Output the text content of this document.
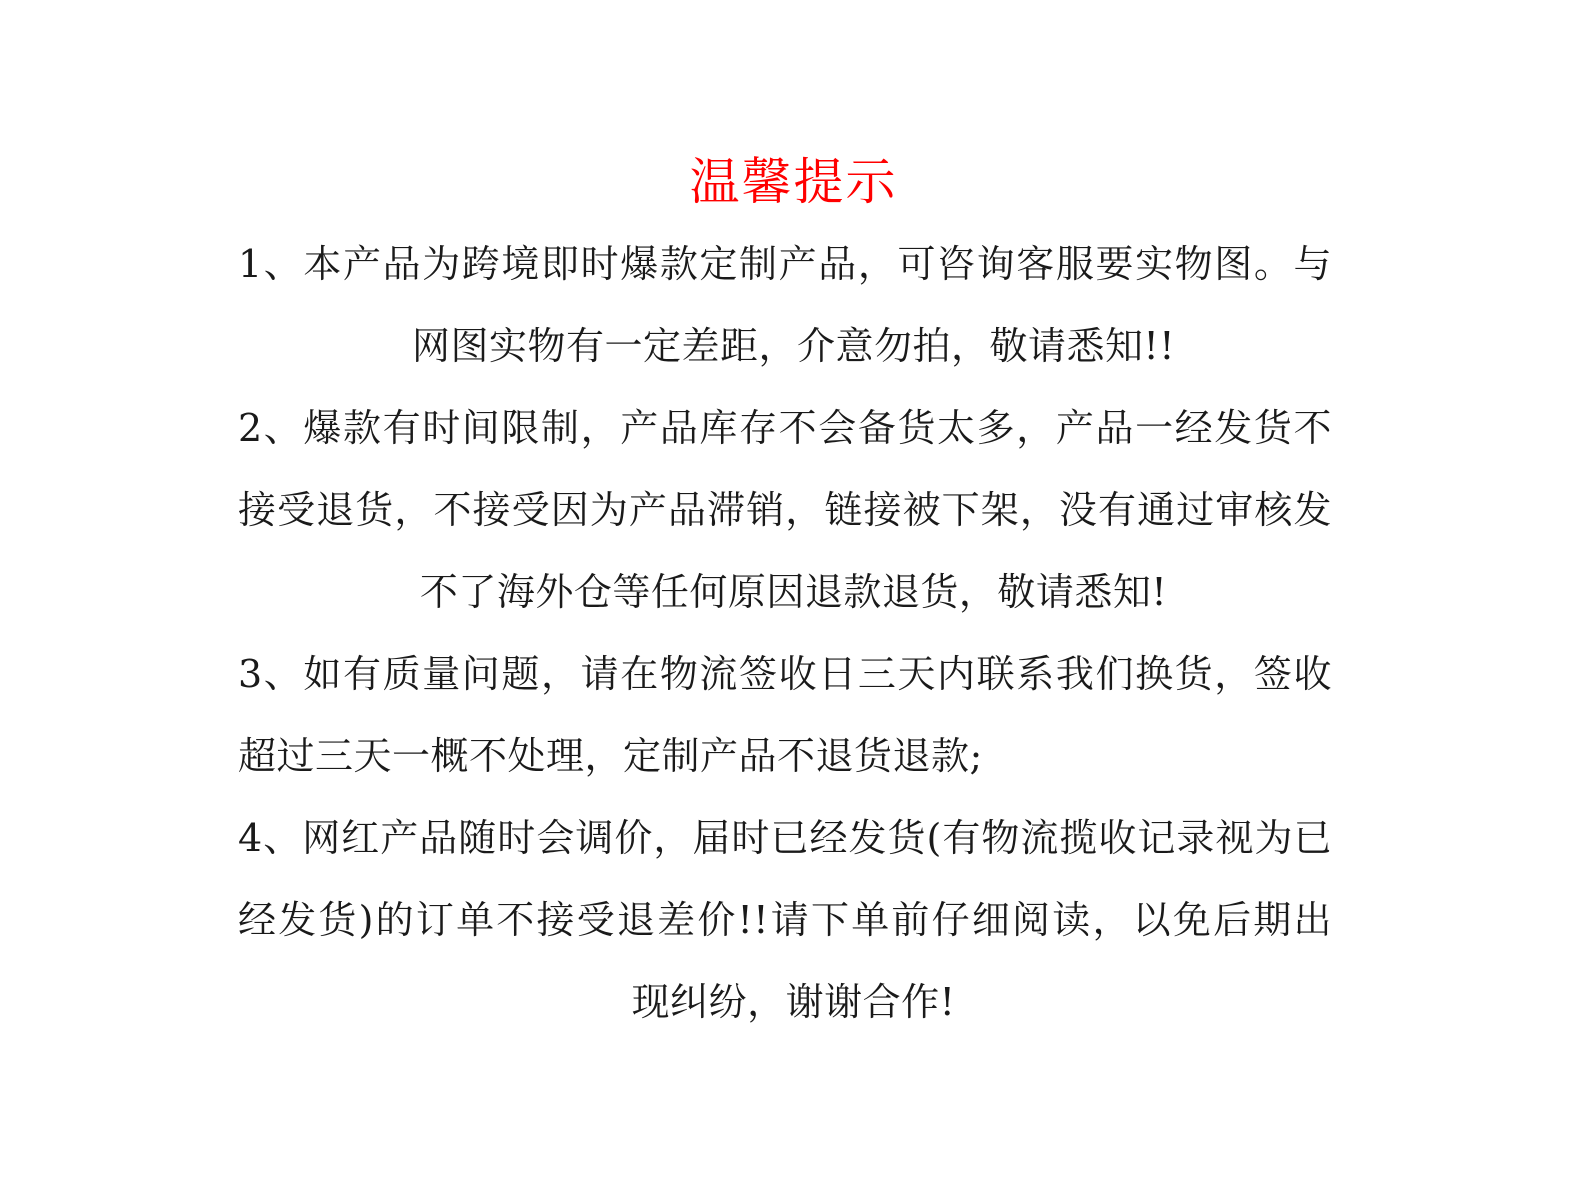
温馨提示
1、本产品为跨境即时爆款定制产品，可咨询客服要实物图。与
网图实物有一定差距，介意勿拍，敬请悉知!!
2、爆款有时间限制，产品库存不会备货太多，产品一经发货不
接受退货，不接受因为产品滞销，链接被下架，没有通过审核发
不了海外仓等任何原因退款退货，敬请悉知!
3、如有质量问题，请在物流签收日三天内联系我们换货，签收
超过三天一概不处理，定制产品不退货退款;
4、网红产品随时会调价，届时已经发货(有物流揽收记录视为已
经发货)的订单不接受退差价!!请下单前仔细阅读，以免后期出
现纠纷，谢谢合作!
